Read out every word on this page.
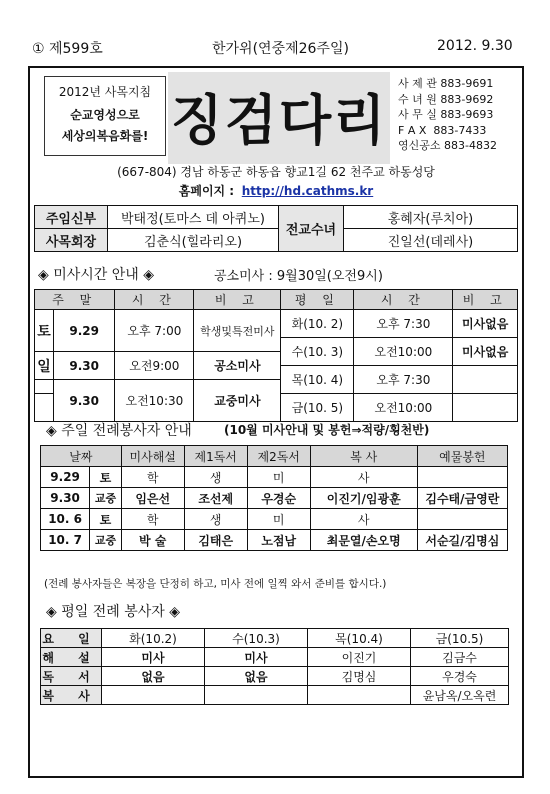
① 제599호	한가위(연중제26주일)	2012. 9.30
2012년 사목지침
순교영성으로
세상의복음화를! 징검다리
사 제 관 883-9691
수 녀 원 883-9692
사 무 실 883-9693
F A X 883-7433
영신공소 883-4832
(667-804) 경남 하동군 하동읍 향교1길 62 천주교 하동성당
홈페이지 : http://hd.cathms.kr
주임신부	박태정(토마스 데 아퀴노)	전교수녀	홍혜자(루치아)
사목회장	김춘식(힐라리오)		진일선(데레사)
◈ 미사시간 안내 ◈	공소미사 : 9월30일(오전9시)
주 말		시 간	비 고	평 일	시 간	비 고
토	9.29	오후 7:00	학생및특전미사	화(10. 2)	오후 7:30	미사없음
				수(10. 3)	오전10:00	미사없음
일	9.30	오전9:00	공소미사			
				목(10. 4)	오후 7:30	
	9.30	오전10:30	교중미사			
				금(10. 5)	오전10:00	
◈ 주일 전례봉사자 안내	(10월 미사안내 및 봉헌⇒적량/횡천반)
날짜		미사해설	제1독서	제2독서	복 사	예물봉헌
9.29	토	학	생	미	사	
9.30	교중	임은선	조선제	우경순	이진기/임광훈	김수태/금영란
10. 6	토	학	생	미	사	
10. 7	교중	박 술	김태은	노점남	최문열/손오명	서순길/김명심
(전례 봉사자들은 복장을 단정히 하고, 미사 전에 일찍 와서 준비를 합시다.)
◈ 평일 전례 봉사자 ◈
요 일	화(10.2)	수(10.3)	목(10.4)	금(10.5)
해 설	미사	미사	이진기	김금수
독 서	없음	없음	김명심	우경숙
복 사				윤남옥/오옥련
